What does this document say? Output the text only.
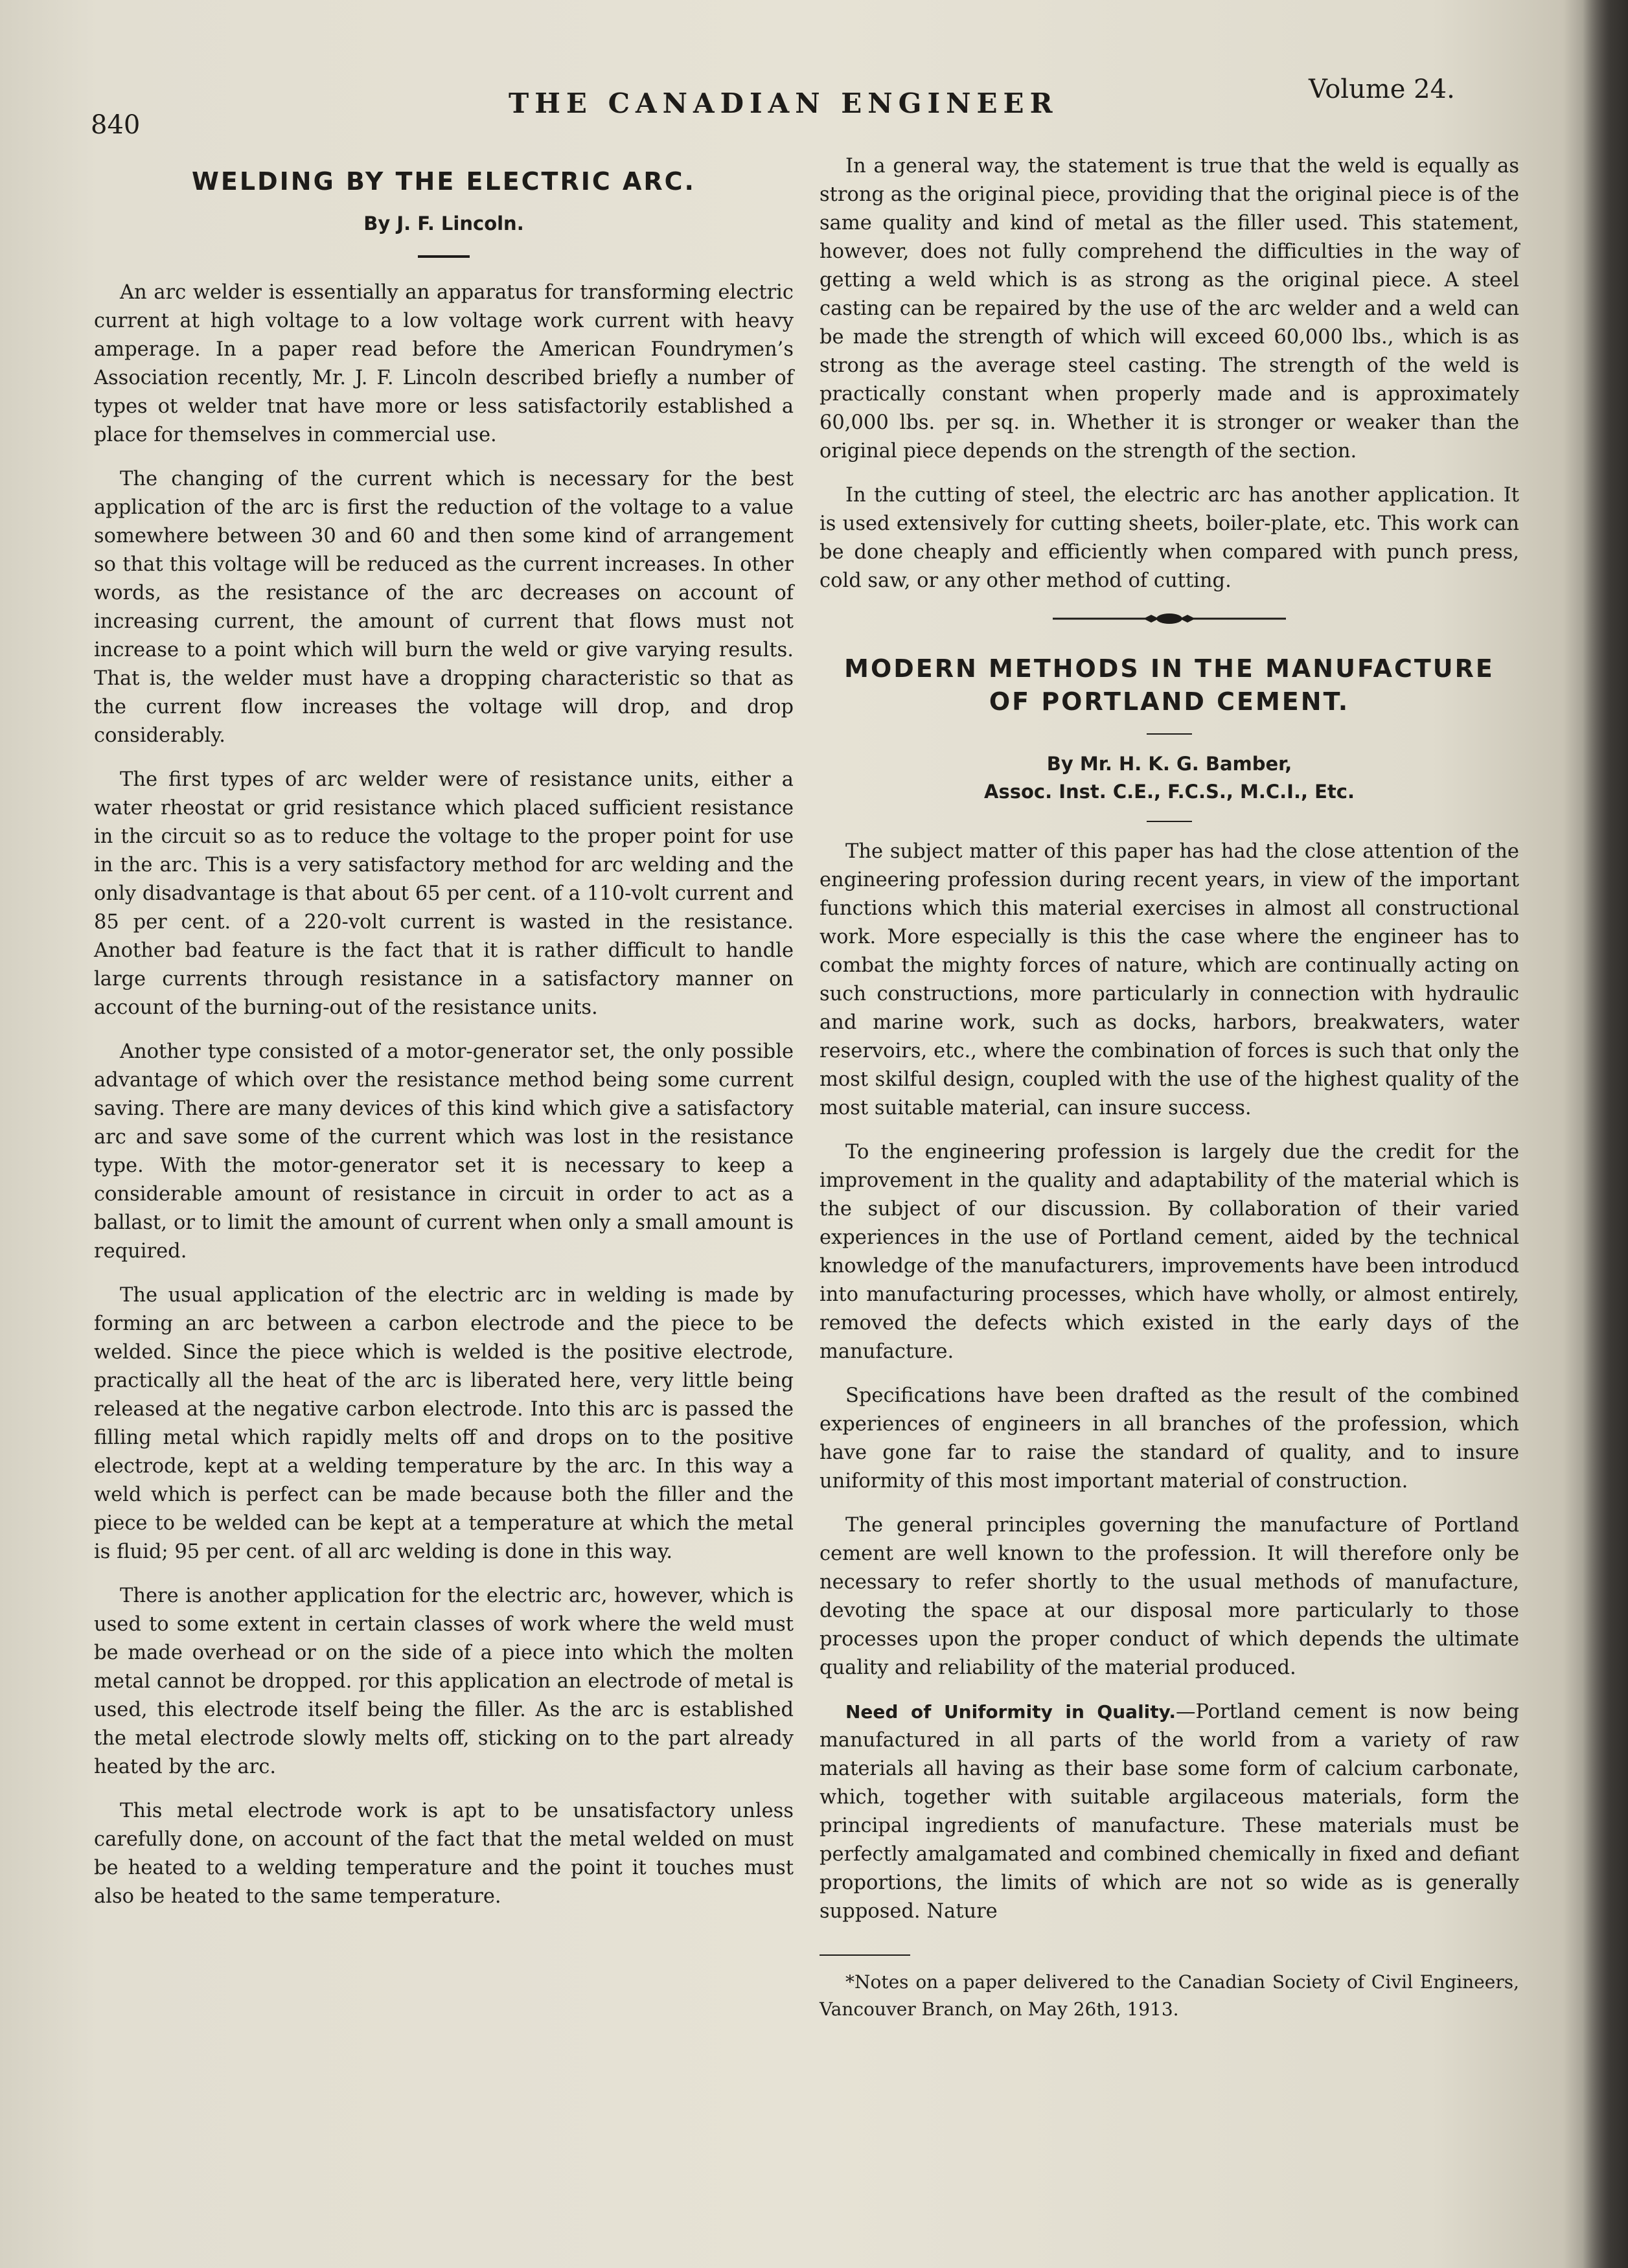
840
THE CANADIAN ENGINEER	Volume 24.
WELDING BY THE ELECTRIC ARC.
By J. F. Lincoln.

An arc welder is essentially an apparatus for transforming electric current at high voltage to a low voltage work current with heavy amperage. In a paper read before the American Foundrymen’s Association recently, Mr. J. F. Lincoln described briefly a number of types ot welder tnat have more or less satisfactorily established a place for themselves in commercial use.

The changing of the current which is necessary for the best application of the arc is first the reduction of the voltage to a value somewhere between 30 and 60 and then some kind of arrangement so that this voltage will be reduced as the current increases. In other words, as the resistance of the arc decreases on account of increasing current, the amount of current that flows must not increase to a point which will burn the weld or give varying results. That is, the welder must have a dropping characteristic so that as the current flow increases the voltage will drop, and drop considerably.

The first types of arc welder were of resistance units, either a water rheostat or grid resistance which placed sufficient resistance in the circuit so as to reduce the voltage to the proper point for use in the arc. This is a very satisfactory method for arc welding and the only disadvantage is that about 65 per cent. of a 110-volt current and 85 per cent. of a 220-volt current is wasted in the resistance. Another bad feature is the fact that it is rather difficult to handle large currents through resistance in a satisfactory manner on account of the burning-out of the resistance units.

Another type consisted of a motor-generator set, the only possible advantage of which over the resistance method being some current saving. There are many devices of this kind which give a satisfactory arc and save some of the current which was lost in the resistance type. With the motor-generator set it is necessary to keep a considerable amount of resistance in circuit in order to act as a ballast, or to limit the amount of current when only a small amount is required.

The usual application of the electric arc in welding is made by forming an arc between a carbon electrode and the piece to be welded. Since the piece which is welded is the positive electrode, practically all the heat of the arc is liberated here, very little being released at the negative carbon electrode. Into this arc is passed the filling metal which rapidly melts off and drops on to the positive electrode, kept at a welding temperature by the arc. In this way a weld which is perfect can be made because both the filler and the piece to be welded can be kept at a temperature at which the metal is fluid; 95 per cent. of all arc welding is done in this way.

There is another application for the electric arc, however, which is used to some extent in certain classes of work where the weld must be made overhead or on the side of a piece into which the molten metal cannot be dropped. ɼor this application an electrode of metal is used, this electrode itself being the filler. As the arc is established the metal electrode slowly melts off, sticking on to the part already heated by the arc.

This metal electrode work is apt to be unsatisfactory unless carefully done, on account of the fact that the metal welded on must be heated to a welding temperature and the point it touches must also be heated to the same temperature.

In a general way, the statement is true that the weld is equally as strong as the original piece, providing that the original piece is of the same quality and kind of metal as the filler used. This statement, however, does not fully comprehend the difficulties in the way of getting a weld which is as strong as the original piece. A steel casting can be repaired by the use of the arc welder and a weld can be made the strength of which will exceed 60,000 lbs., which is as strong as the average steel casting. The strength of the weld is practically constant when properly made and is approximately 60,000 lbs. per sq. in. Whether it is stronger or weaker than the original piece depends on the strength of the section.

In the cutting of steel, the electric arc has another application. It is used extensively for cutting sheets, boiler-plate, etc. This work can be done cheaply and efficiently when compared with punch press, cold saw, or any other method of cutting.

MODERN METHODS IN THE MANUFACTURE
OF PORTLAND CEMENT.
By Mr. H. K. G. Bamber,
Assoc. Inst. C.E., F.C.S., M.C.I., Etc.

The subject matter of this paper has had the close attention of the engineering profession during recent years, in view of the important functions which this material exercises in almost all constructional work. More especially is this the case where the engineer has to combat the mighty forces of nature, which are continually acting on such constructions, more particularly in connection with hydraulic and marine work, such as docks, harbors, breakwaters, water reservoirs, etc., where the combination of forces is such that only the most skilful design, coupled with the use of the highest quality of the most suitable material, can insure success.

To the engineering profession is largely due the credit for the improvement in the quality and adaptability of the material which is the subject of our discussion. By collaboration of their varied experiences in the use of Portland cement, aided by the technical knowledge of the manufacturers, improvements have been introducd into manufacturing processes, which have wholly, or almost entirely, removed the defects which existed in the early days of the manufacture.

Specifications have been drafted as the result of the combined experiences of engineers in all branches of the profession, which have gone far to raise the standard of quality, and to insure uniformity of this most important material of construction.

The general principles governing the manufacture of Portland cement are well known to the profession. It will therefore only be necessary to refer shortly to the usual methods of manufacture, devoting the space at our disposal more particularly to those processes upon the proper conduct of which depends the ultimate quality and reliability of the material produced.

Need of Uniformity in Quality.—Portland cement is now being manufactured in all parts of the world from a variety of raw materials all having as their base some form of calcium carbonate, which, together with suitable argilaceous materials, form the principal ingredients of manufacture. These materials must be perfectly amalgamated and combined chemically in fixed and defiant proportions, the limits of which are not so wide as is generally supposed. Nature

*Notes on a paper delivered to the Canadian Society of Civil Engineers, Vancouver Branch, on May 26th, 1913.
